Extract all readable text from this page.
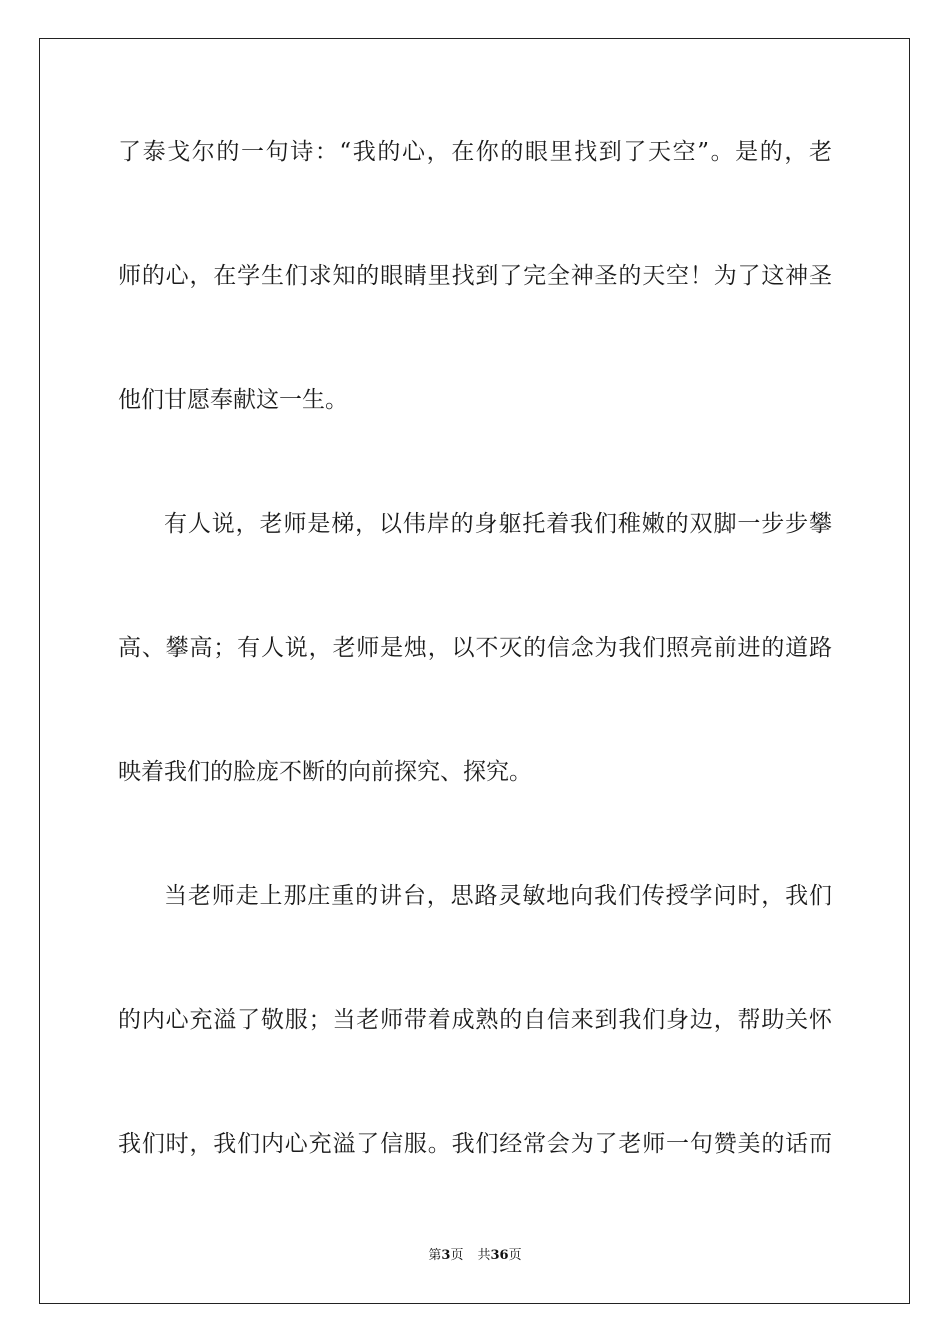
了泰戈尔的一句诗：“我的心，在你的眼里找到了天空”。是的，老
师的心，在学生们求知的眼睛里找到了完全神圣的天空！为了这神圣
他们甘愿奉献这一生。
有人说，老师是梯，以伟岸的身躯托着我们稚嫩的双脚一步步攀
高、攀高；有人说，老师是烛，以不灭的信念为我们照亮前进的道路
映着我们的脸庞不断的向前探究、探究。
当老师走上那庄重的讲台，思路灵敏地向我们传授学问时，我们
的内心充溢了敬服；当老师带着成熟的自信来到我们身边，帮助关怀
我们时，我们内心充溢了信服。我们经常会为了老师一句赞美的话而
第3页 共36页
